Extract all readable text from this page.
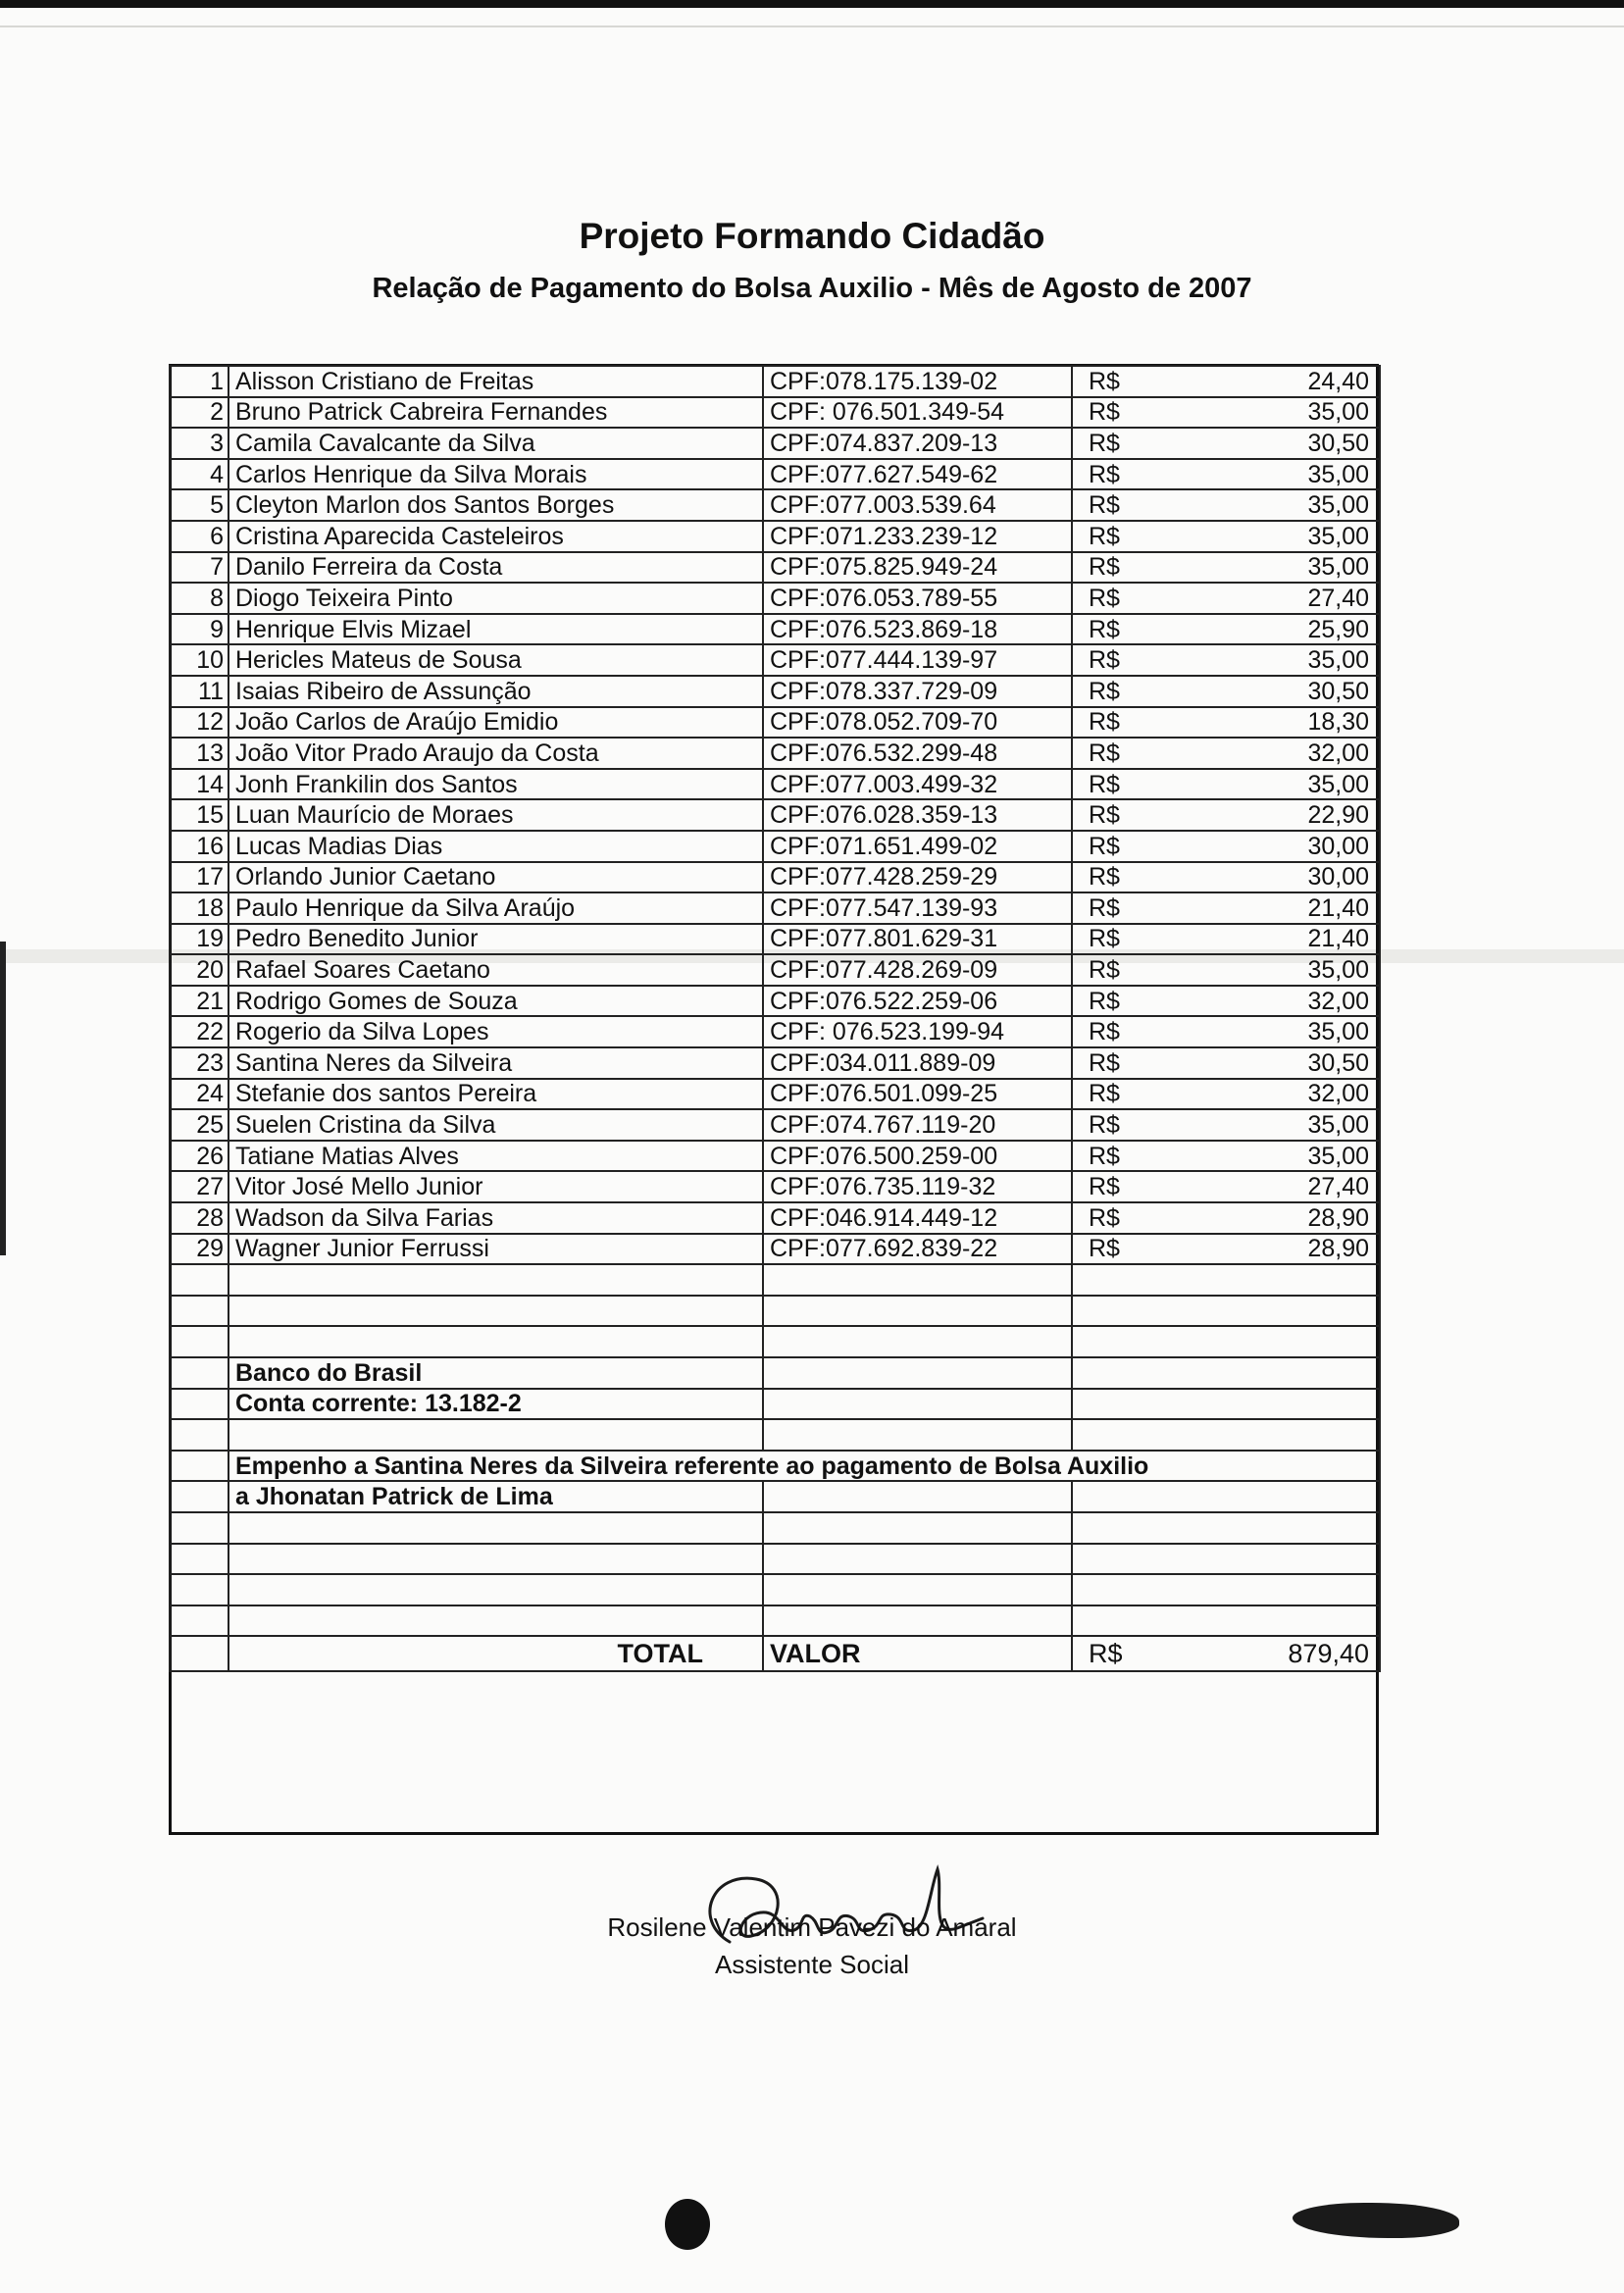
Projeto Formando Cidadão
Relação de Pagamento do Bolsa Auxilio - Mês de Agosto de 2007
1	Alisson Cristiano de Freitas	CPF:078.175.139-02	R$	24,40
2	Bruno Patrick Cabreira Fernandes	CPF: 076.501.349-54	R$	35,00
3	Camila Cavalcante da Silva	CPF:074.837.209-13	R$	30,50
4	Carlos Henrique da Silva Morais	CPF:077.627.549-62	R$	35,00
5	Cleyton Marlon dos Santos Borges	CPF:077.003.539.64	R$	35,00
6	Cristina Aparecida Casteleiros	CPF:071.233.239-12	R$	35,00
7	Danilo Ferreira da Costa	CPF:075.825.949-24	R$	35,00
8	Diogo Teixeira Pinto	CPF:076.053.789-55	R$	27,40
9	Henrique Elvis Mizael	CPF:076.523.869-18	R$	25,90
10	Hericles Mateus de Sousa	CPF:077.444.139-97	R$	35,00
11	Isaias Ribeiro de Assunção	CPF:078.337.729-09	R$	30,50
12	João Carlos de Araújo Emidio	CPF:078.052.709-70	R$	18,30
13	João Vitor Prado Araujo da Costa	CPF:076.532.299-48	R$	32,00
14	Jonh Frankilin dos Santos	CPF:077.003.499-32	R$	35,00
15	Luan Maurício de Moraes	CPF:076.028.359-13	R$	22,90
16	Lucas Madias Dias	CPF:071.651.499-02	R$	30,00
17	Orlando Junior Caetano	CPF:077.428.259-29	R$	30,00
18	Paulo Henrique da Silva Araújo	CPF:077.547.139-93	R$	21,40
19	Pedro Benedito Junior	CPF:077.801.629-31	R$	21,40
20	Rafael Soares Caetano	CPF:077.428.269-09	R$	35,00
21	Rodrigo Gomes de Souza	CPF:076.522.259-06	R$	32,00
22	Rogerio da Silva Lopes	CPF: 076.523.199-94	R$	35,00
23	Santina Neres da Silveira	CPF:034.011.889-09	R$	30,50
24	Stefanie dos santos Pereira	CPF:076.501.099-25	R$	32,00
25	Suelen Cristina da Silva	CPF:074.767.119-20	R$	35,00
26	Tatiane Matias Alves	CPF:076.500.259-00	R$	35,00
27	Vitor José Mello Junior	CPF:076.735.119-32	R$	27,40
28	Wadson da Silva Farias	CPF:046.914.449-12	R$	28,90
29	Wagner Junior Ferrussi	CPF:077.692.839-22	R$	28,90

	Banco do Brasil			
	Conta corrente: 13.182-2			

	Empenho a Santina Neres da Silveira referente ao pagamento de Bolsa Auxilio			
	a Jhonatan Patrick de Lima			

	TOTAL	VALOR	R$	879,40
Rosilene Valentim Pavezi do Amaral
Assistente Social
